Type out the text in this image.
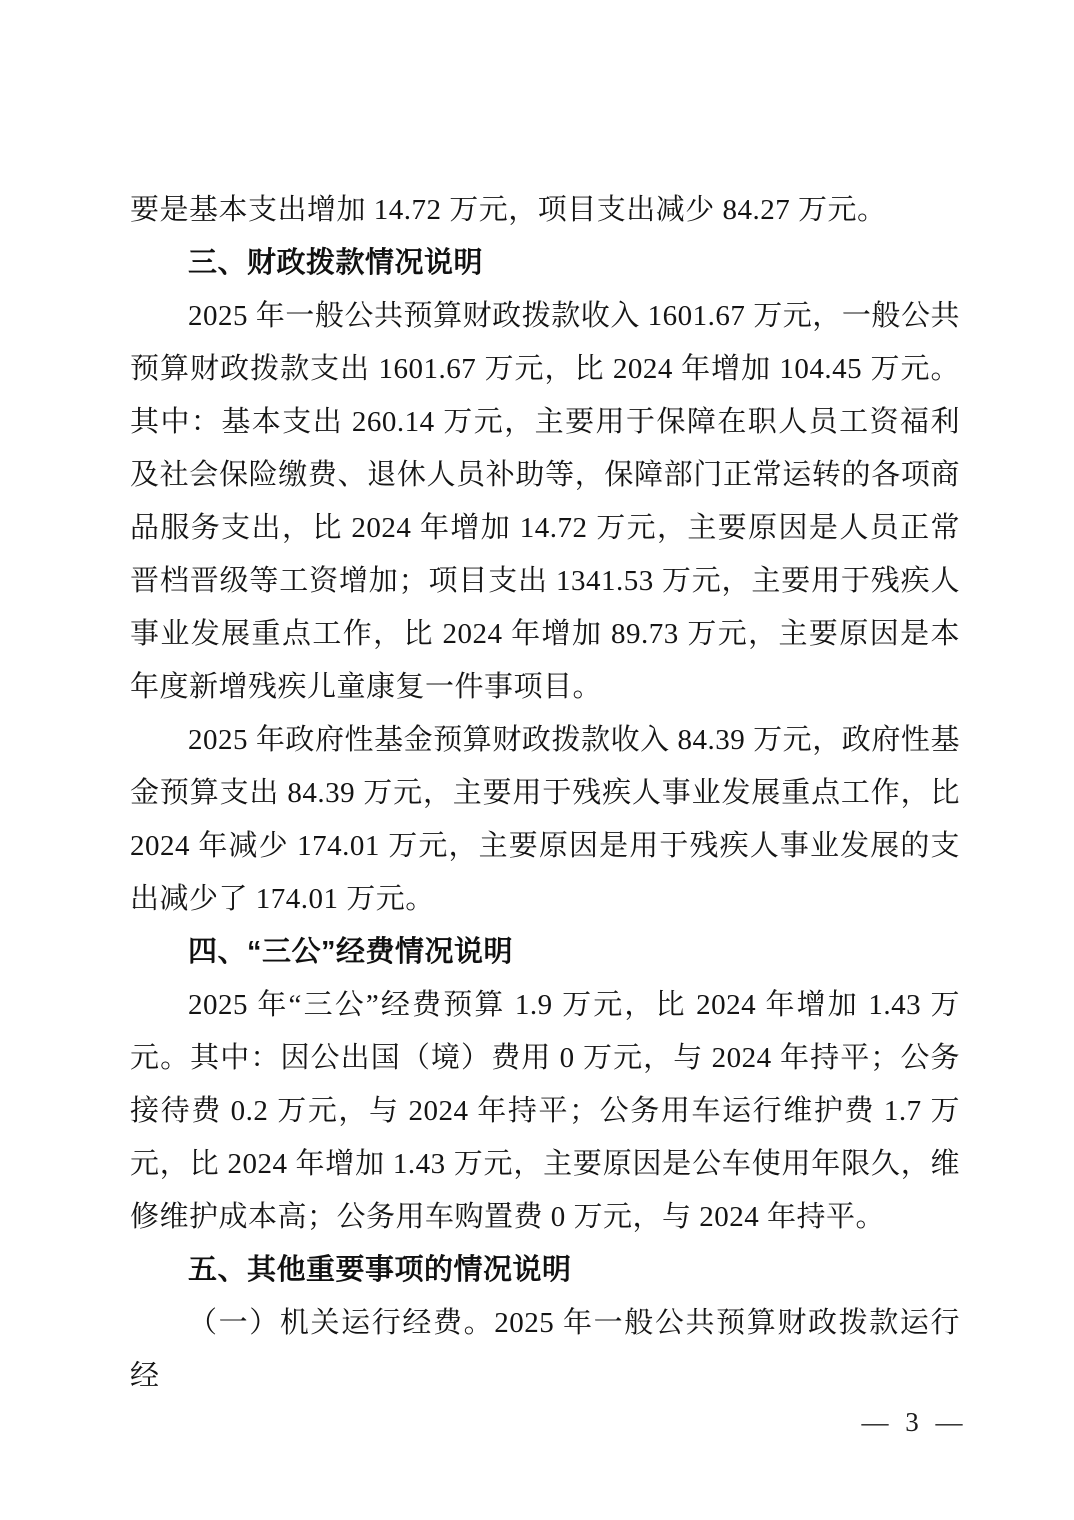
要是基本支出增加 14.72 万元，项目支出减少 84.27 万元。

三、财政拨款情况说明

2025 年一般公共预算财政拨款收入 1601.67 万元，一般公共预算财政拨款支出 1601.67 万元，比 2024 年增加 104.45 万元。其中：基本支出 260.14 万元，主要用于保障在职人员工资福利及社会保险缴费、退休人员补助等，保障部门正常运转的各项商品服务支出，比 2024 年增加 14.72 万元，主要原因是人员正常晋档晋级等工资增加；项目支出 1341.53 万元，主要用于残疾人事业发展重点工作，比 2024 年增加 89.73 万元，主要原因是本年度新增残疾儿童康复一件事项目。

2025 年政府性基金预算财政拨款收入 84.39 万元，政府性基金预算支出 84.39 万元，主要用于残疾人事业发展重点工作，比 2024 年减少 174.01 万元，主要原因是用于残疾人事业发展的支出减少了 174.01 万元。

四、“三公”经费情况说明

2025 年“三公”经费预算 1.9 万元，比 2024 年增加 1.43 万元。其中：因公出国（境）费用 0 万元，与 2024 年持平；公务接待费 0.2 万元，与 2024 年持平；公务用车运行维护费 1.7 万元，比 2024 年增加 1.43 万元，主要原因是公车使用年限久，维修维护成本高；公务用车购置费 0 万元，与 2024 年持平。

五、其他重要事项的情况说明

（一）机关运行经费。2025 年一般公共预算财政拨款运行经

— 3 —
